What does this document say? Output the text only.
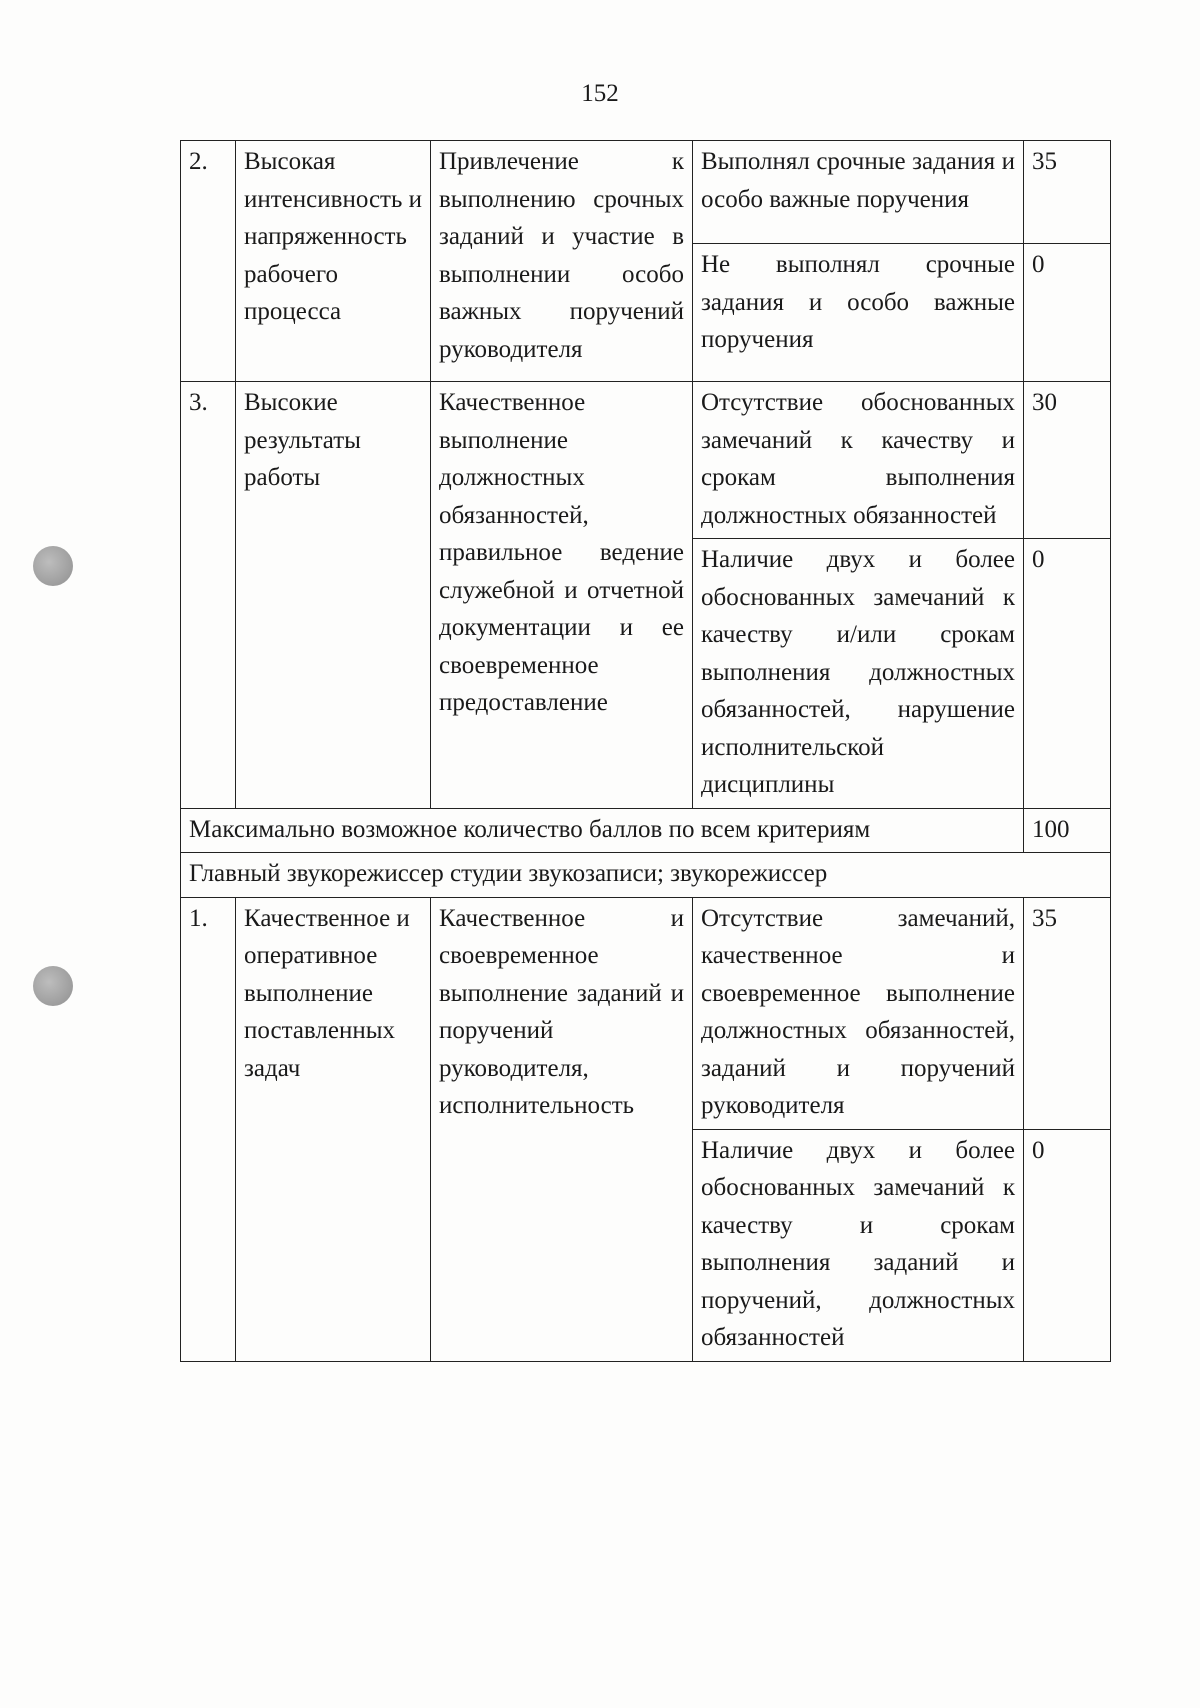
152
2.	Высокая интенсивность и напряженность рабочего процесса	Привлечение к выполнению срочных заданий и участие в выполнении особо важных поручений руководителя	Выполнял срочные задания и особо важные поручения	35
			Не выполнял срочные задания и особо важные поручения	0
3.	Высокие результаты работы	Качественное выполнение должностных обязанностей, правильное ведение служебной и отчетной документации и ее своевременное предоставление	Отсутствие обоснованных замечаний к качеству и срокам выполнения должностных обязанностей	30
			Наличие двух и более обоснованных замечаний к качеству и/или срокам выполнения должностных обязанностей, нарушение исполнительской дисциплины	0
Максимально возможное количество баллов по всем критериям				100
Главный звукорежиссер студии звукозаписи; звукорежиссер				
1.	Качественное и оперативное выполнение поставленных задач	Качественное и своевременное выполнение заданий и поручений руководителя, исполнительность	Отсутствие замечаний, качественное и своевременное выполнение должностных обязанностей, заданий и поручений руководителя	35
			Наличие двух и более обоснованных замечаний к качеству и срокам выполнения заданий и поручений, должностных обязанностей	0
